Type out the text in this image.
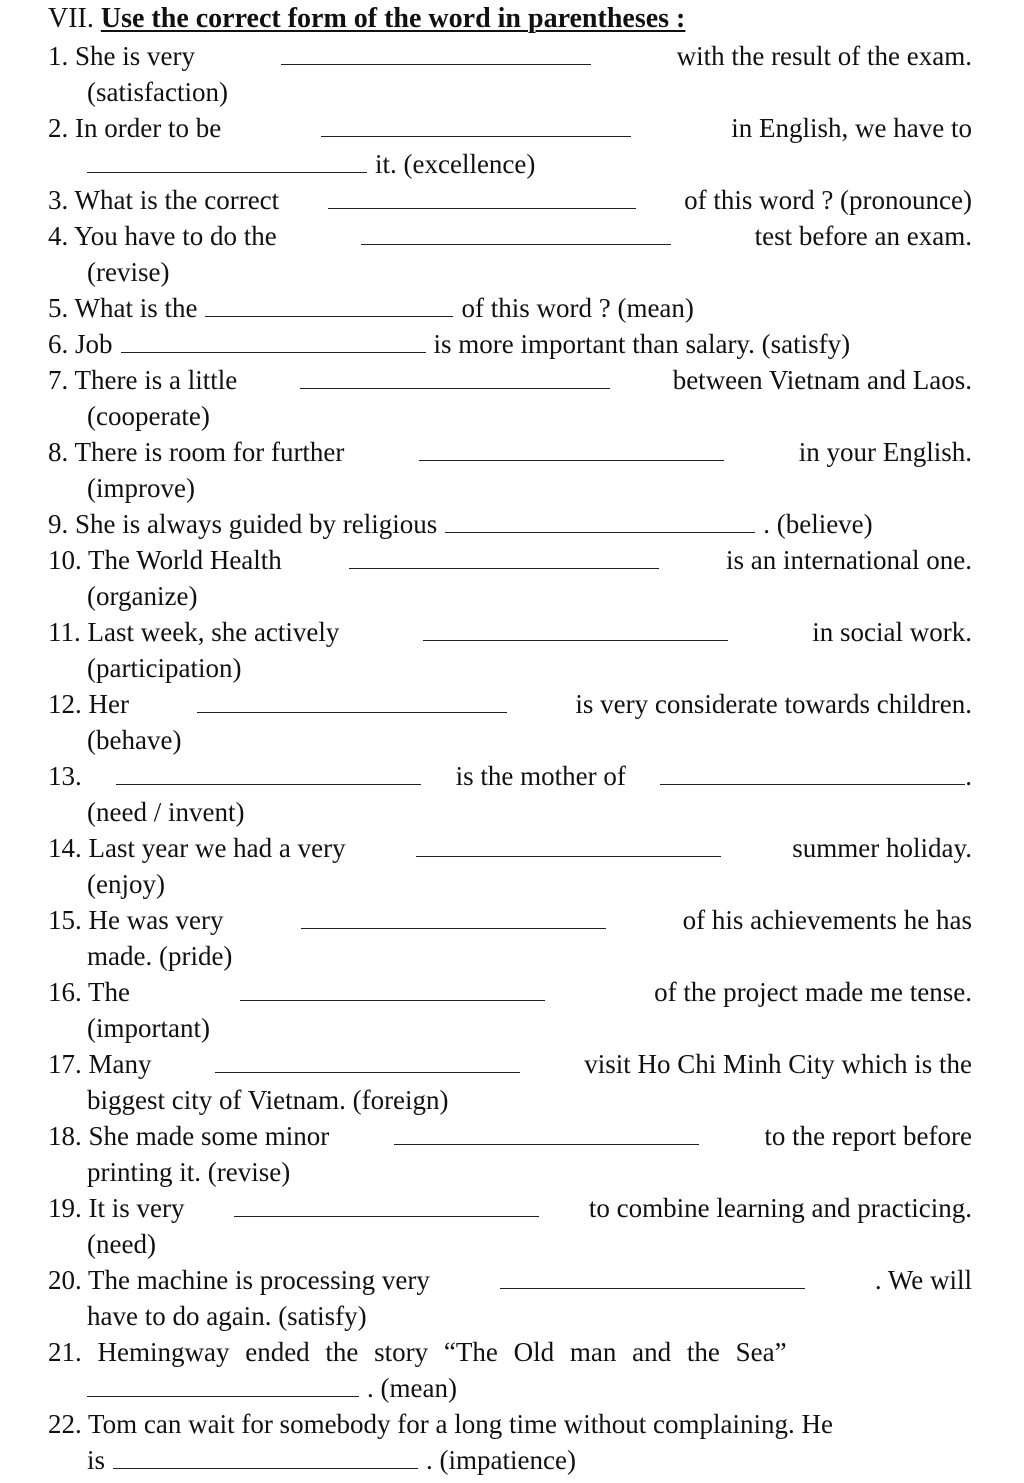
VII. Use the correct form of the word in parentheses :
1. She is very	with the result of the exam.
(satisfaction)
2. In order to be	in English, we have to
it. (excellence)
3. What is the correct	of this word ? (pronounce)
4. You have to do the	test before an exam.
(revise)
5. What is the	of this word ? (mean)
6. Job	is more important than salary. (satisfy)
7. There is a little	between Vietnam and Laos.
(cooperate)
8. There is room for further	in your English.
(improve)
9. She is always guided by religious	. (believe)
10. The World Health	is an international one.
(organize)
11. Last week, she actively	in social work.
(participation)
12. Her	is very considerate towards children.
(behave)
13.	is the mother of	.
(need / invent)
14. Last year we had a very	summer holiday.
(enjoy)
15. He was very	of his achievements he has
made. (pride)
16. The	of the project made me tense.
(important)
17. Many	visit Ho Chi Minh City which is the
biggest city of Vietnam. (foreign)
18. She made some minor	to the report before
printing it. (revise)
19. It is very	to combine learning and practicing.
(need)
20. The machine is processing very	. We will
have to do again. (satisfy)
21. Hemingway ended the story “The Old man and the Sea”
. (mean)
22. Tom can wait for somebody for a long time without complaining. He
is	. (impatience)
